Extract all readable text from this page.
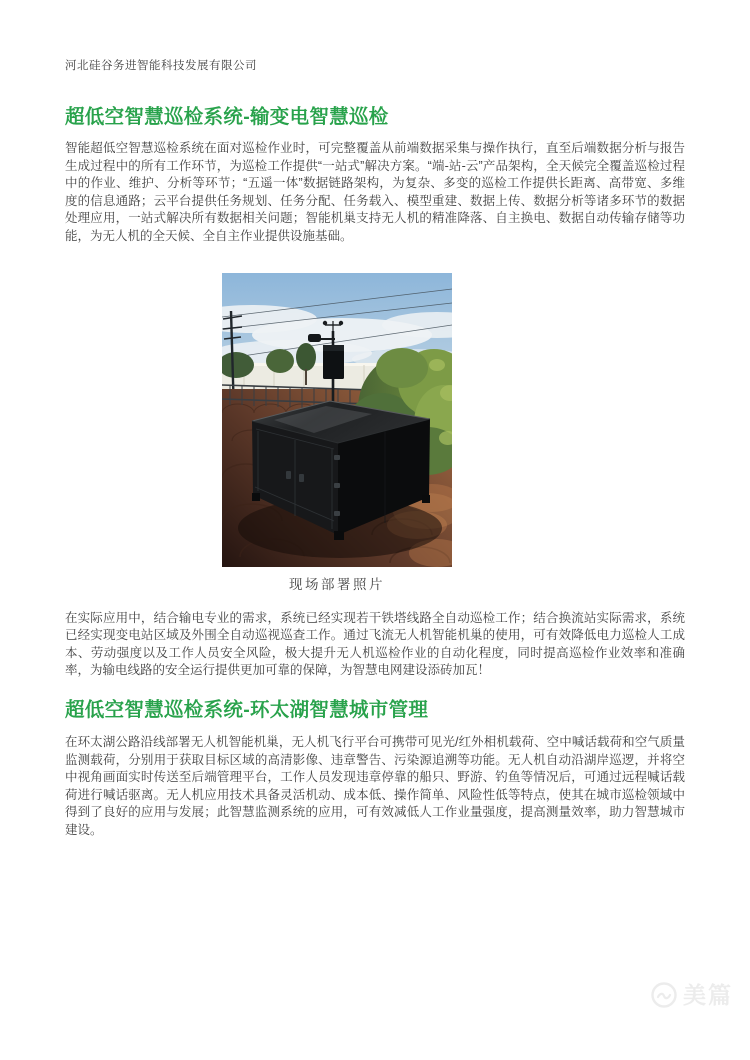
河北硅谷务进智能科技发展有限公司
超低空智慧巡检系统-输变电智慧巡检

智能超低空智慧巡检系统在面对巡检作业时，可完整覆盖从前端数据采集与操作执行，直至后端数据分析与报告生成过程中的所有工作环节，为巡检工作提供“一站式”解决方案。“端-站-云”产品架构，全天候完全覆盖巡检过程中的作业、维护、分析等环节；“五遥一体”数据链路架构，为复杂、多变的巡检工作提供长距离、高带宽、多维度的信息通路；云平台提供任务规划、任务分配、任务载入、模型重建、数据上传、数据分析等诸多环节的数据处理应用，一站式解决所有数据相关问题；智能机巢支持无人机的精准降落、自主换电、数据自动传输存储等功能，为无人机的全天候、全自主作业提供设施基础。

现场部署照片

在实际应用中，结合输电专业的需求，系统已经实现若干铁塔线路全自动巡检工作；结合换流站实际需求，系统已经实现变电站区域及外围全自动巡视巡查工作。通过飞流无人机智能机巢的使用，可有效降低电力巡检人工成本、劳动强度以及工作人员安全风险，极大提升无人机巡检作业的自动化程度，同时提高巡检作业效率和准确率，为输电线路的安全运行提供更加可靠的保障，为智慧电网建设添砖加瓦！

超低空智慧巡检系统-环太湖智慧城市管理

在环太湖公路沿线部署无人机智能机巢，无人机飞行平台可携带可见光/红外相机载荷、空中喊话载荷和空气质量监测载荷，分别用于获取目标区域的高清影像、违章警告、污染源追溯等功能。无人机自动沿湖岸巡逻，并将空中视角画面实时传送至后端管理平台，工作人员发现违章停靠的船只、野游、钓鱼等情况后，可通过远程喊话载荷进行喊话驱离。无人机应用技术具备灵活机动、成本低、操作简单、风险性低等特点，使其在城市巡检领域中得到了良好的应用与发展；此智慧监测系统的应用，可有效减低人工作业量强度，提高测量效率，助力智慧城市建设。

美篇
